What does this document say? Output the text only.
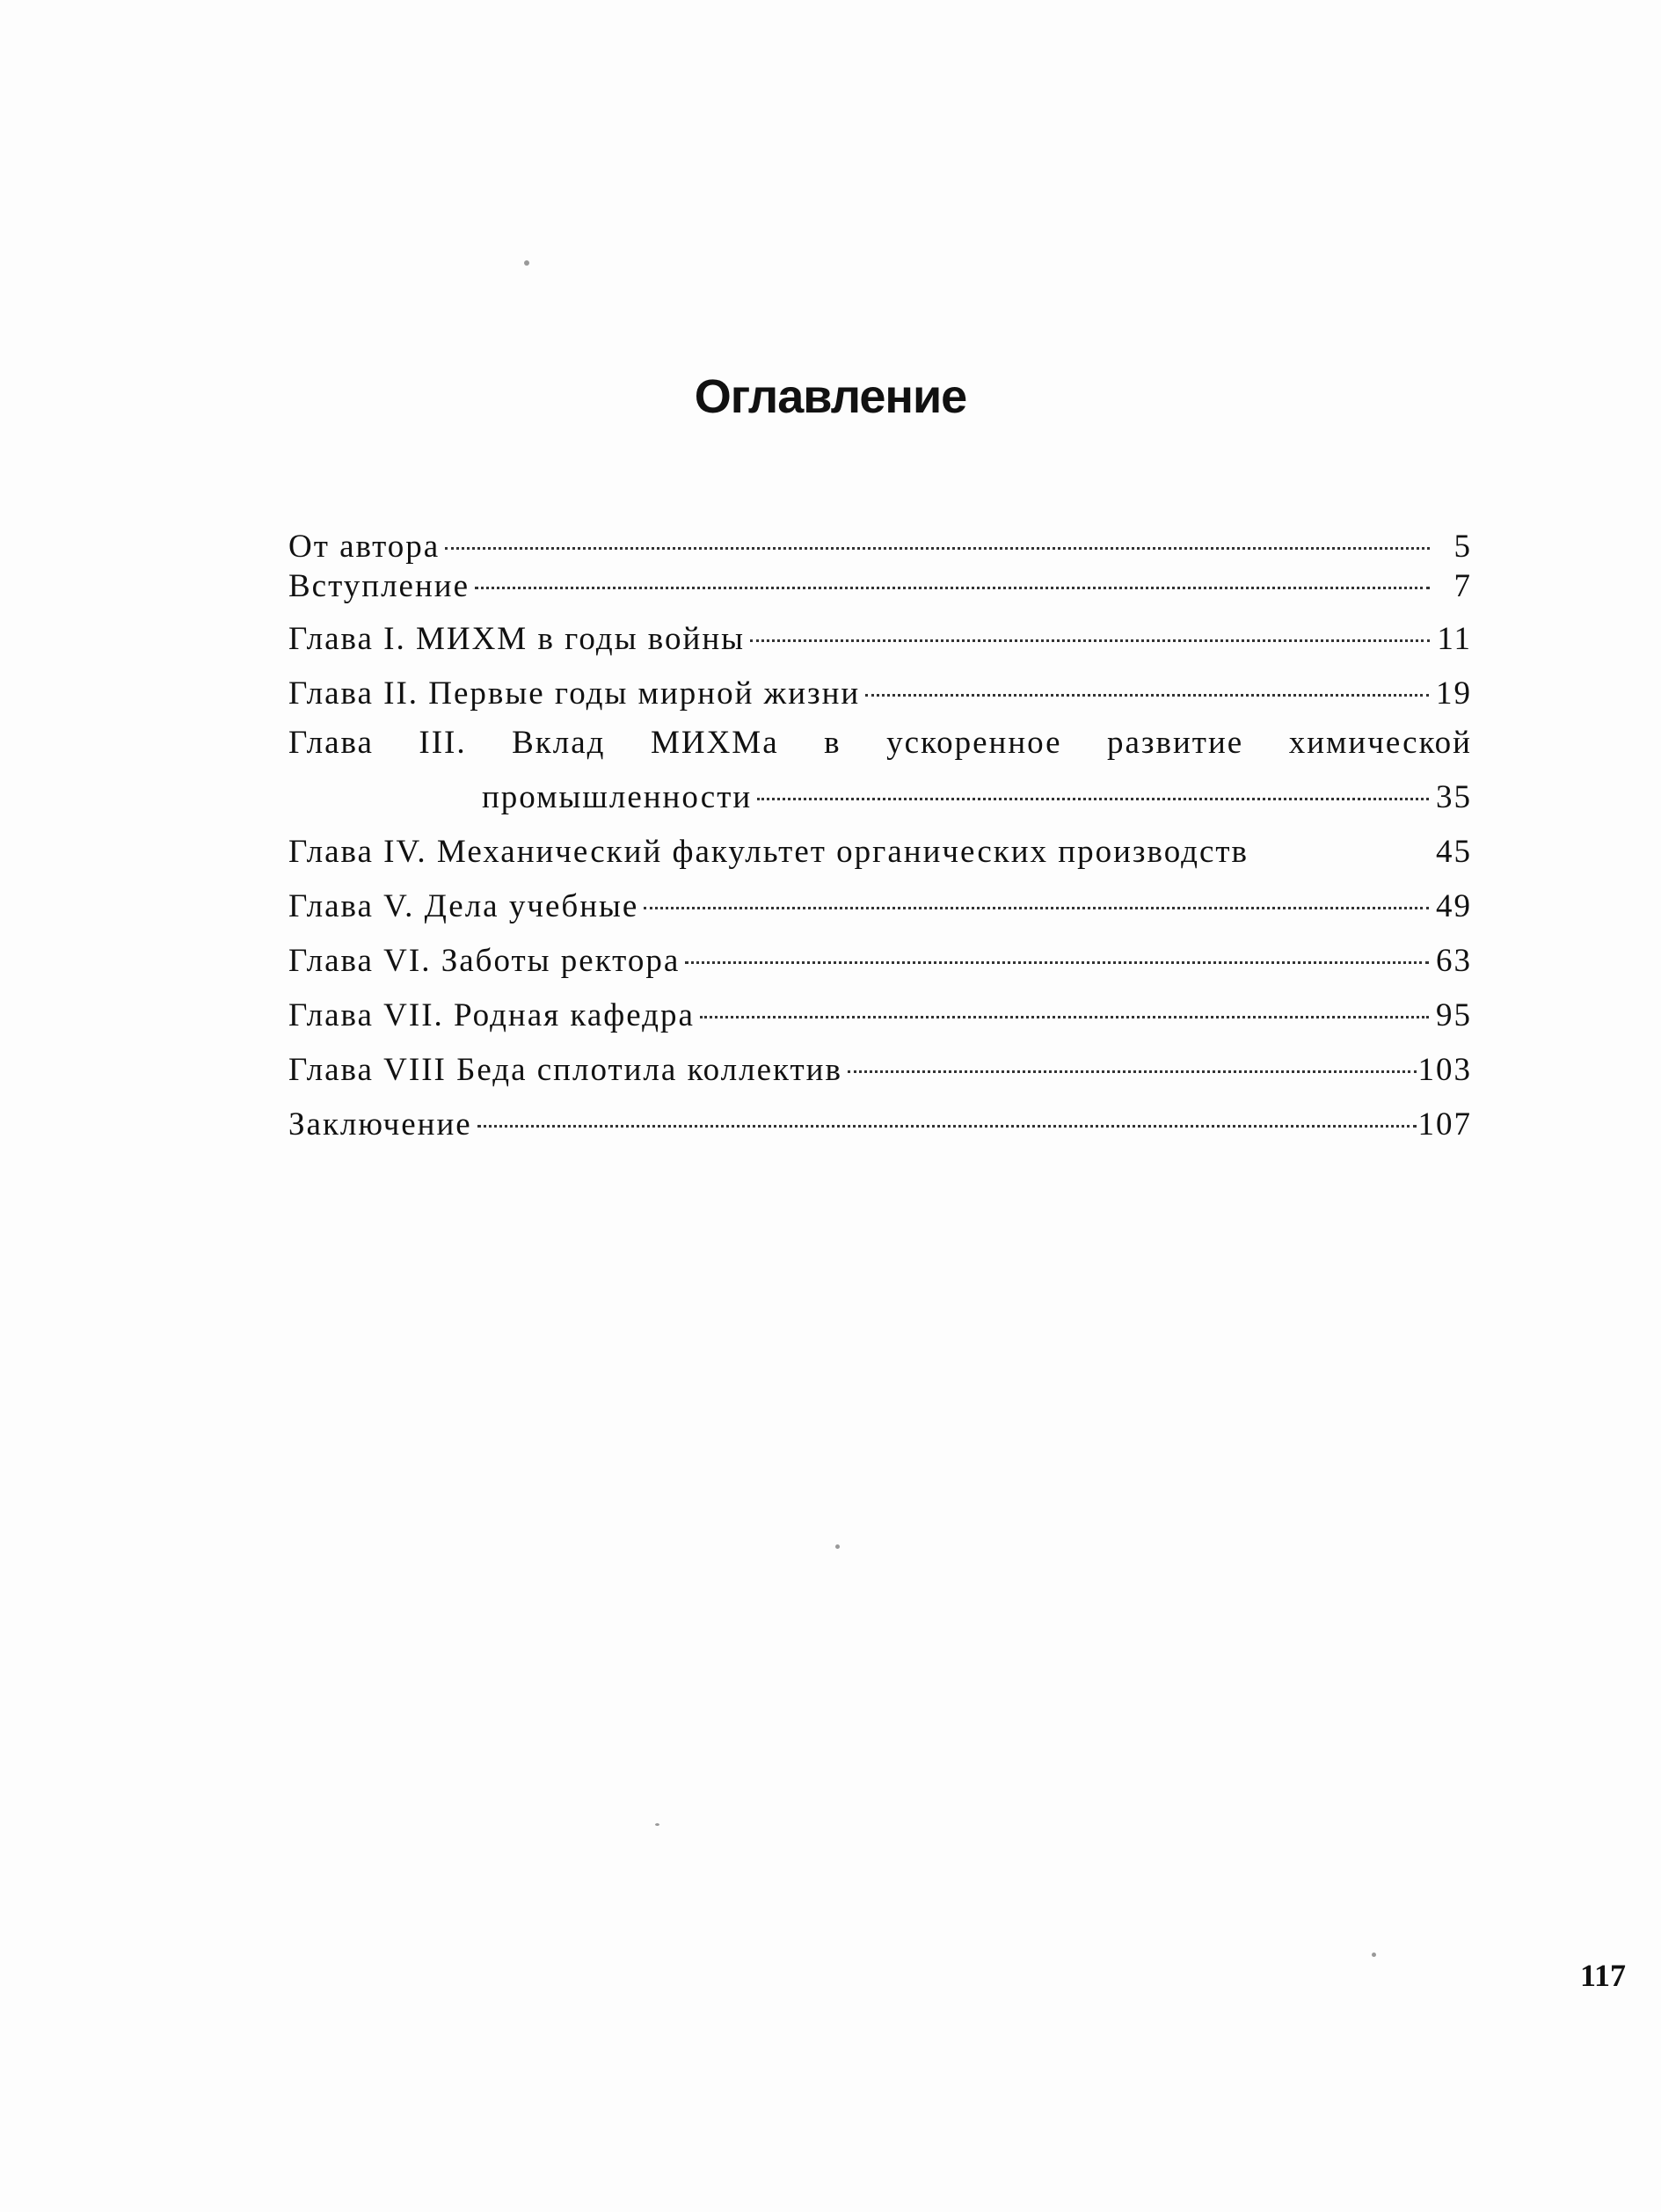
Оглавление
От автора	5
Вступление	7
Глава I. МИХМ в годы войны	11
Глава II. Первые годы мирной жизни	19
Глава III. Вклад МИХМа в ускоренное развитие химической
промышленности	35
Глава IV. Механический факультет органических производств	45
Глава V. Дела учебные	49
Глава VI. Заботы ректора	63
Глава VII. Родная кафедра	95
Глава VIII Беда сплотила коллектив	103
Заключение	107
117
